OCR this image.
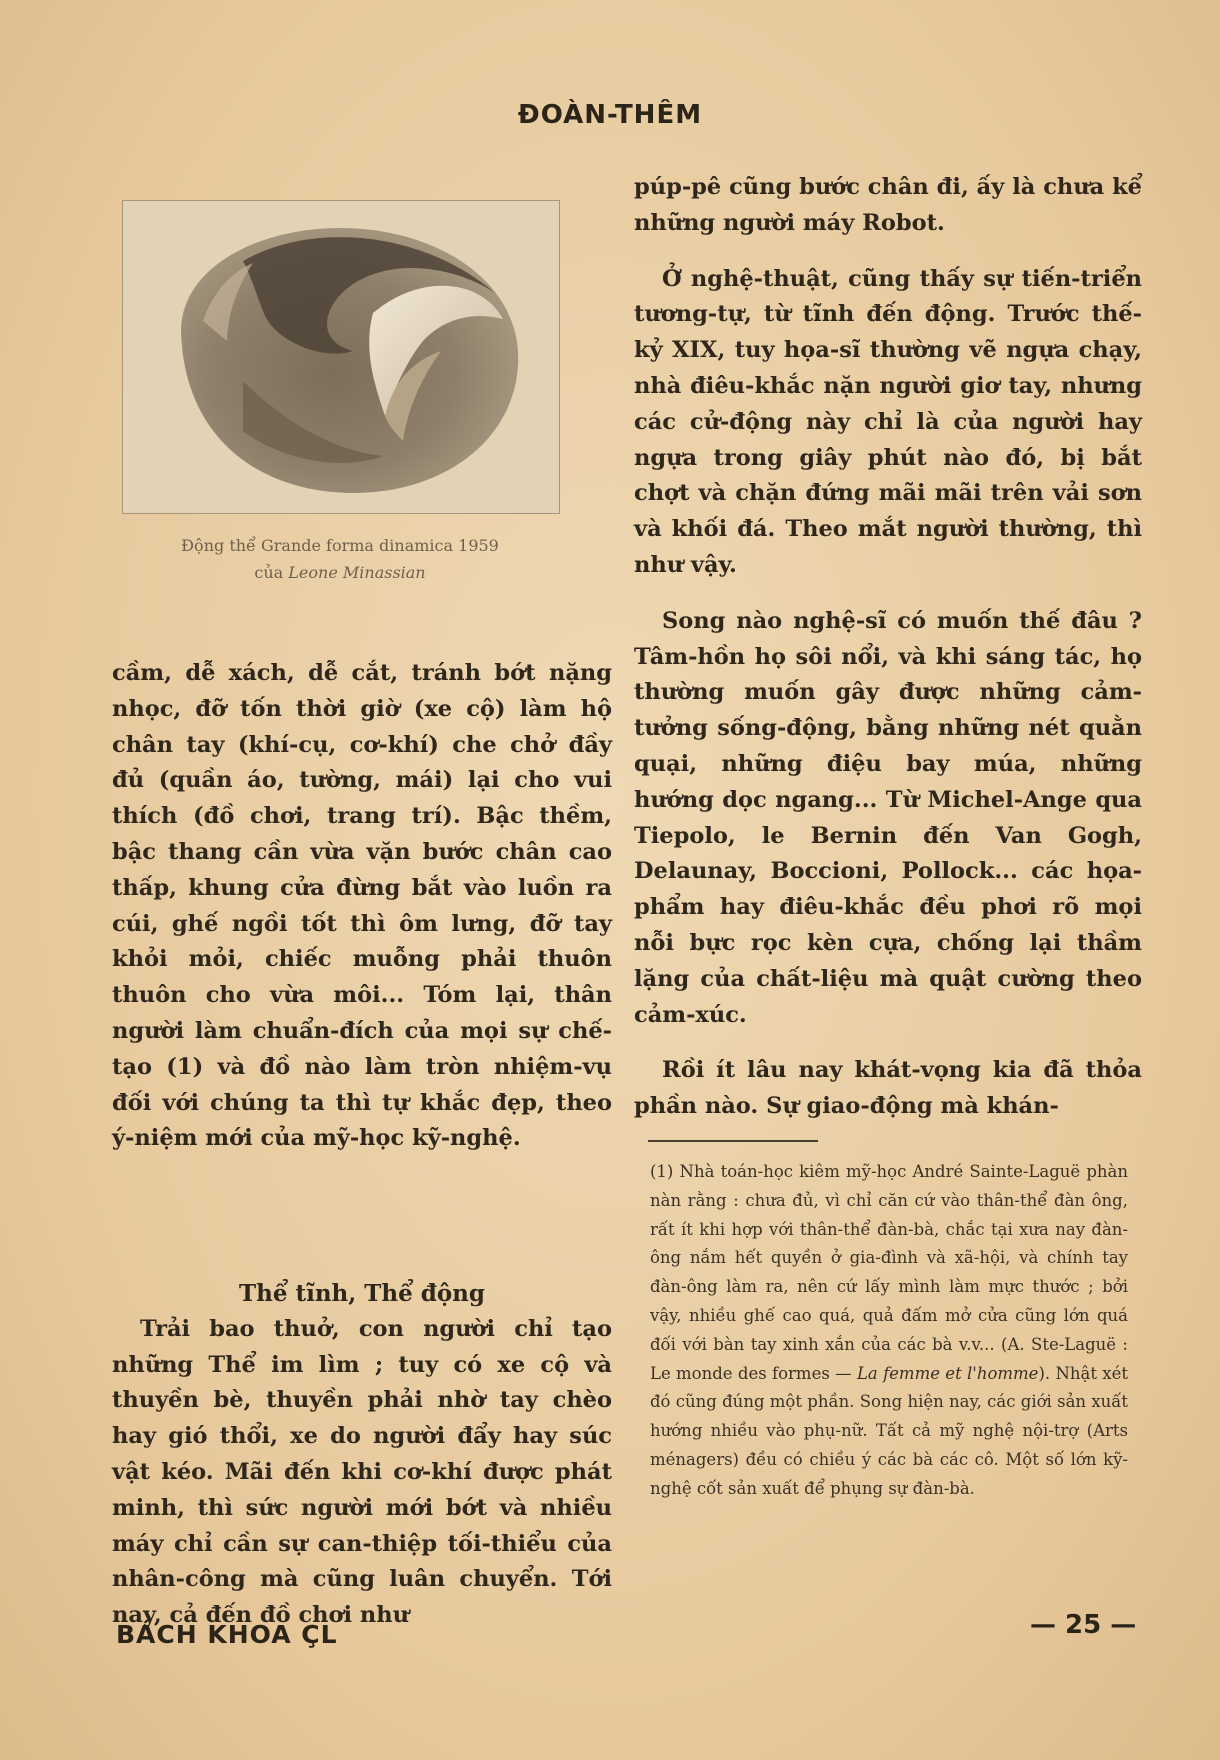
ĐOÀN-THÊM
Động thể Grande forma dinamica 1959
của Leone Minassian

cầm, dễ xách, dễ cắt, tránh bớt nặng nhọc, đỡ tốn thời giờ (xe cộ) làm hộ chân tay (khí-cụ, cơ-khí) che chở đầy đủ (quần áo, tường, mái) lại cho vui thích (đồ chơi, trang trí). Bậc thềm, bậc thang cần vừa vặn bước chân cao thấp, khung cửa đừng bắt vào luồn ra cúi, ghế ngồi tốt thì ôm lưng, đỡ tay khỏi mỏi, chiếc muỗng phải thuôn thuôn cho vừa môi... Tóm lại, thân người làm chuẩn-đích của mọi sự chế-tạo (1) và đồ nào làm tròn nhiệm-vụ đối với chúng ta thì tự khắc đẹp, theo ý-niệm mới của mỹ-học kỹ-nghệ.

Thể tĩnh, Thể động

Trải bao thuở, con người chỉ tạo những Thể im lìm ; tuy có xe cộ và thuyền bè, thuyền phải nhờ tay chèo hay gió thổi, xe do người đẩy hay súc vật kéo. Mãi đến khi cơ-khí được phát minh, thì sức người mới bớt và nhiều máy chỉ cần sự can-thiệp tối-thiểu của nhân-công mà cũng luân chuyển. Tới nay, cả đến đồ chơi như

púp-pê cũng bước chân đi, ấy là chưa kể những người máy Robot.

Ở nghệ-thuật, cũng thấy sự tiến-triển tương-tự, từ tĩnh đến động. Trước thế-kỷ XIX, tuy họa-sĩ thường vẽ ngựa chạy, nhà điêu-khắc nặn người giơ tay, nhưng các cử-động này chỉ là của người hay ngựa trong giây phút nào đó, bị bắt chợt và chặn đứng mãi mãi trên vải sơn và khối đá. Theo mắt người thường, thì như vậy.

Song nào nghệ-sĩ có muốn thế đâu ? Tâm-hồn họ sôi nổi, và khi sáng tác, họ thường muốn gây được những cảm-tưởng sống-động, bằng những nét quằn quại, những điệu bay múa, những hướng dọc ngang... Từ Michel-Ange qua Tiepolo, le Bernin đến Van Gogh, Delaunay, Boccioni, Pollock... các họa-phẩm hay điêu-khắc đều phơi rõ mọi nỗi bực rọc kèn cựa, chống lại thầm lặng của chất-liệu mà quật cường theo cảm-xúc.

Rồi ít lâu nay khát-vọng kia đã thỏa phần nào. Sự giao-động mà khán-

(1) Nhà toán-học kiêm mỹ-học André Sainte-Laguë phàn nàn rằng : chưa đủ, vì chỉ căn cứ vào thân-thể đàn ông, rất ít khi hợp với thân-thể đàn-bà, chắc tại xưa nay đàn-ông nắm hết quyền ở gia-đình và xã-hội, và chính tay đàn-ông làm ra, nên cứ lấy mình làm mực thước ; bởi vậy, nhiều ghế cao quá, quả đấm mở cửa cũng lớn quá đối với bàn tay xinh xắn của các bà v.v... (A. Ste-Laguë : Le monde des formes — La femme et l'homme). Nhật xét đó cũng đúng một phần. Song hiện nay, các giới sản xuất hướng nhiều vào phụ-nữ. Tất cả mỹ nghệ nội-trợ (Arts ménagers) đều có chiều ý các bà các cô. Một số lớn kỹ-nghệ cốt sản xuất để phụng sự đàn-bà.

BÁCH KHOA ÇL	— 25 —
